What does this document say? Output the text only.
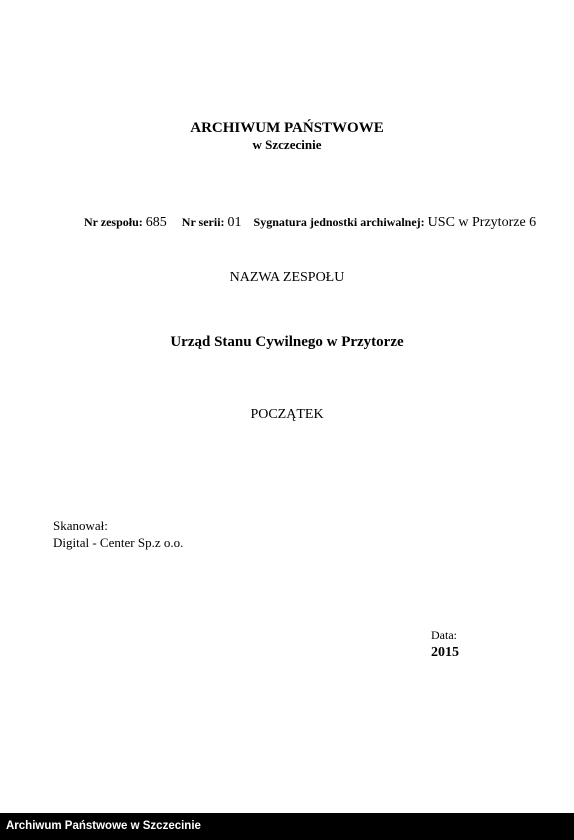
ARCHIWUM PAŃSTWOWE
w Szczecinie
Nr zespołu: 685 Nr serii: 01 Sygnatura jednostki archiwalnej: USC w Przytorze 6
NAZWA ZESPOŁU
Urząd Stanu Cywilnego w Przytorze
POCZĄTEK
Skanował:
Digital - Center Sp.z o.o.
Data:
2015
Archiwum Państwowe w Szczecinie
